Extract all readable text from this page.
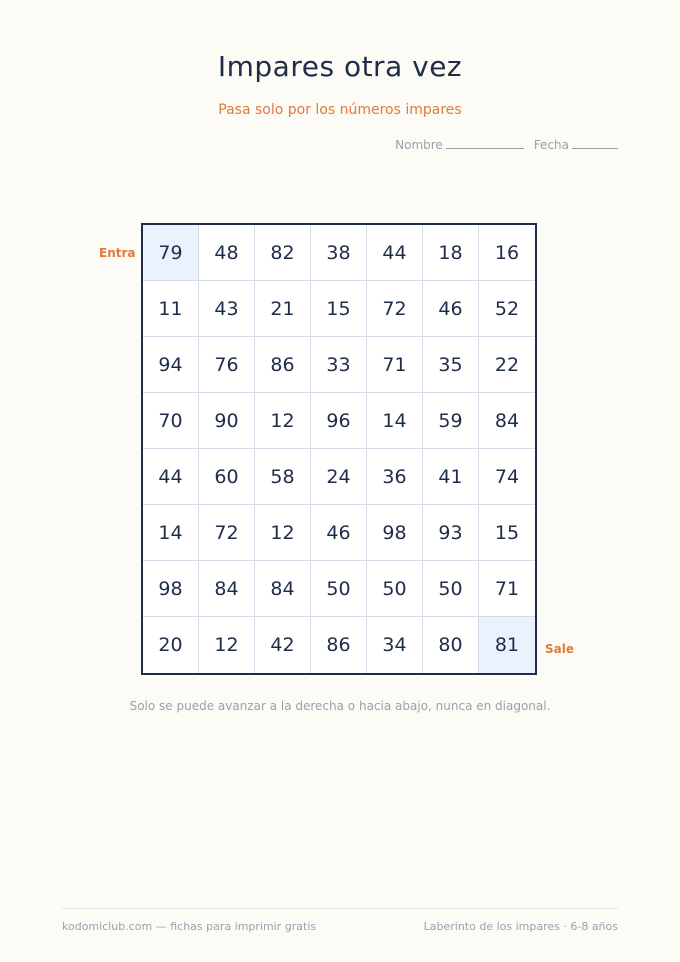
Impares otra vez
Pasa solo por los números impares
Nombre	Fecha
Entra
Sale
79	48	82	38	44	18	16
11	43	21	15	72	46	52
94	76	86	33	71	35	22
70	90	12	96	14	59	84
44	60	58	24	36	41	74
14	72	12	46	98	93	15
98	84	84	50	50	50	71
20	12	42	86	34	80	81
Solo se puede avanzar a la derecha o hacia abajo, nunca en diagonal.
kodomiclub.com — fichas para imprimir gratis	Laberinto de los impares · 6-8 años
